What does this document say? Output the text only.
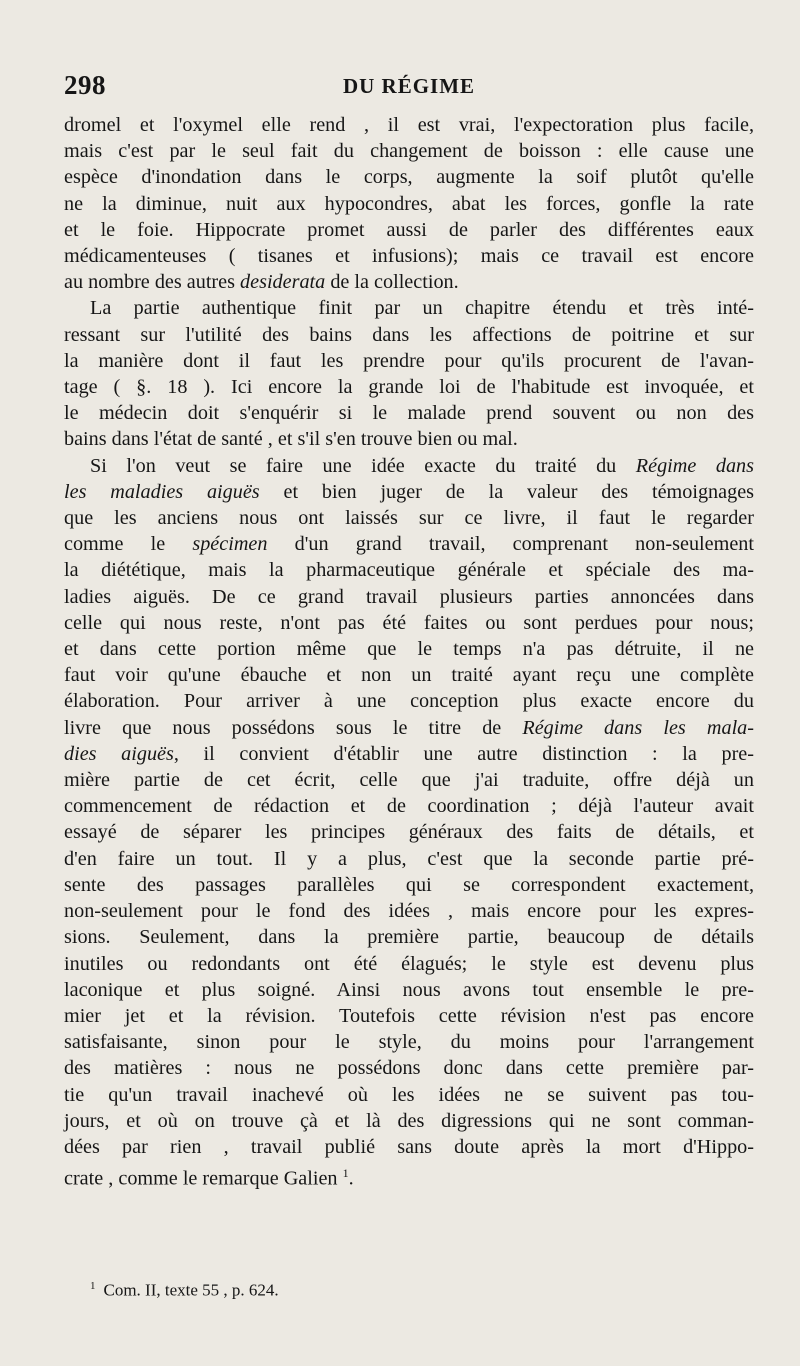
298	DU RÉGIME

dromel et l'oxymel elle rend , il est vrai, l'expectoration plus facile,
mais c'est par le seul fait du changement de boisson : elle cause une
espèce d'inondation dans le corps, augmente la soif plutôt qu'elle
ne la diminue, nuit aux hypocondres, abat les forces, gonfle la rate
et le foie. Hippocrate promet aussi de parler des différentes eaux
médicamenteuses ( tisanes et infusions); mais ce travail est encore
au nombre des autres desiderata de la collection.

La partie authentique finit par un chapitre étendu et très inté-
ressant sur l'utilité des bains dans les affections de poitrine et sur
la manière dont il faut les prendre pour qu'ils procurent de l'avan-
tage ( §. 18 ). Ici encore la grande loi de l'habitude est invoquée, et
le médecin doit s'enquérir si le malade prend souvent ou non des
bains dans l'état de santé , et s'il s'en trouve bien ou mal.

Si l'on veut se faire une idée exacte du traité du Régime dans
les maladies aiguës et bien juger de la valeur des témoignages
que les anciens nous ont laissés sur ce livre, il faut le regarder
comme le spécimen d'un grand travail, comprenant non-seulement
la diététique, mais la pharmaceutique générale et spéciale des ma-
ladies aiguës. De ce grand travail plusieurs parties annoncées dans
celle qui nous reste, n'ont pas été faites ou sont perdues pour nous;
et dans cette portion même que le temps n'a pas détruite, il ne
faut voir qu'une ébauche et non un traité ayant reçu une complète
élaboration. Pour arriver à une conception plus exacte encore du
livre que nous possédons sous le titre de Régime dans les mala-
dies aiguës, il convient d'établir une autre distinction : la pre-
mière partie de cet écrit, celle que j'ai traduite, offre déjà un
commencement de rédaction et de coordination ; déjà l'auteur avait
essayé de séparer les principes généraux des faits de détails, et
d'en faire un tout. Il y a plus, c'est que la seconde partie pré-
sente des passages parallèles qui se correspondent exactement,
non-seulement pour le fond des idées , mais encore pour les expres-
sions. Seulement, dans la première partie, beaucoup de détails
inutiles ou redondants ont été élagués; le style est devenu plus
laconique et plus soigné. Ainsi nous avons tout ensemble le pre-
mier jet et la révision. Toutefois cette révision n'est pas encore
satisfaisante, sinon pour le style, du moins pour l'arrangement
des matières : nous ne possédons donc dans cette première par-
tie qu'un travail inachevé où les idées ne se suivent pas tou-
jours, et où on trouve çà et là des digressions qui ne sont comman-
dées par rien , travail publié sans doute après la mort d'Hippo-
crate , comme le remarque Galien $^1$.

$^1$ Com. II, texte 55 , p. 624.
